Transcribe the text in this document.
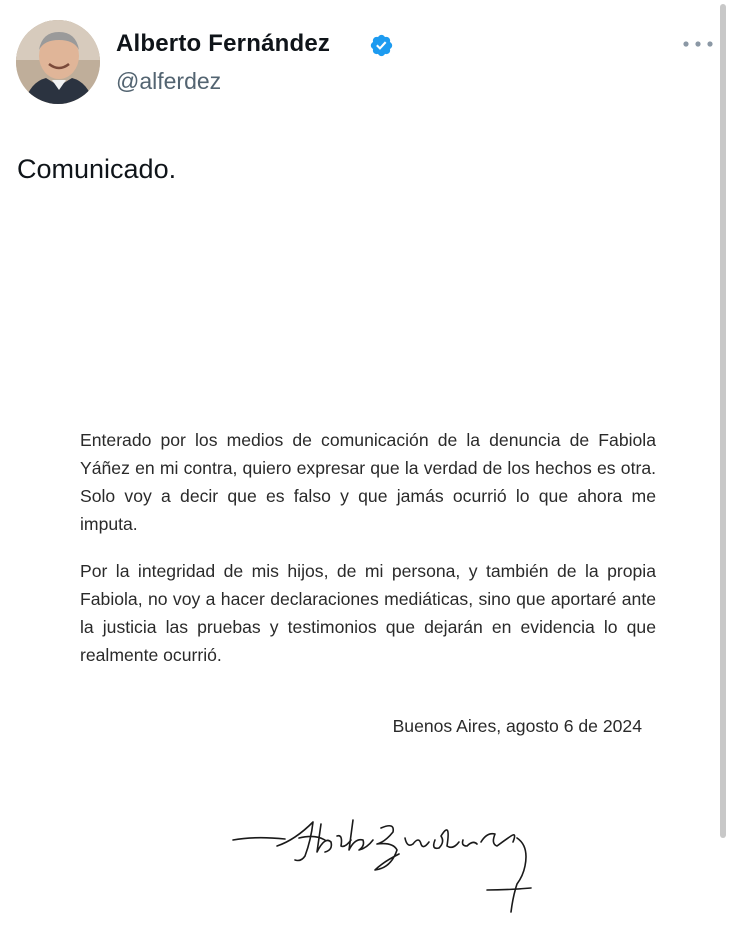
Alberto Fernández
@alferdez
Comunicado.

Enterado por los medios de comunicación de la denuncia de Fabiola Yáñez en mi contra, quiero expresar que la verdad de los hechos es otra. Solo voy a decir que es falso y que jamás ocurrió lo que ahora me imputa.

Por la integridad de mis hijos, de mi persona, y también de la propia Fabiola, no voy a hacer declaraciones mediáticas, sino que aportaré ante la justicia las pruebas y testimonios que dejarán en evidencia lo que realmente ocurrió.

Buenos Aires, agosto 6 de 2024
